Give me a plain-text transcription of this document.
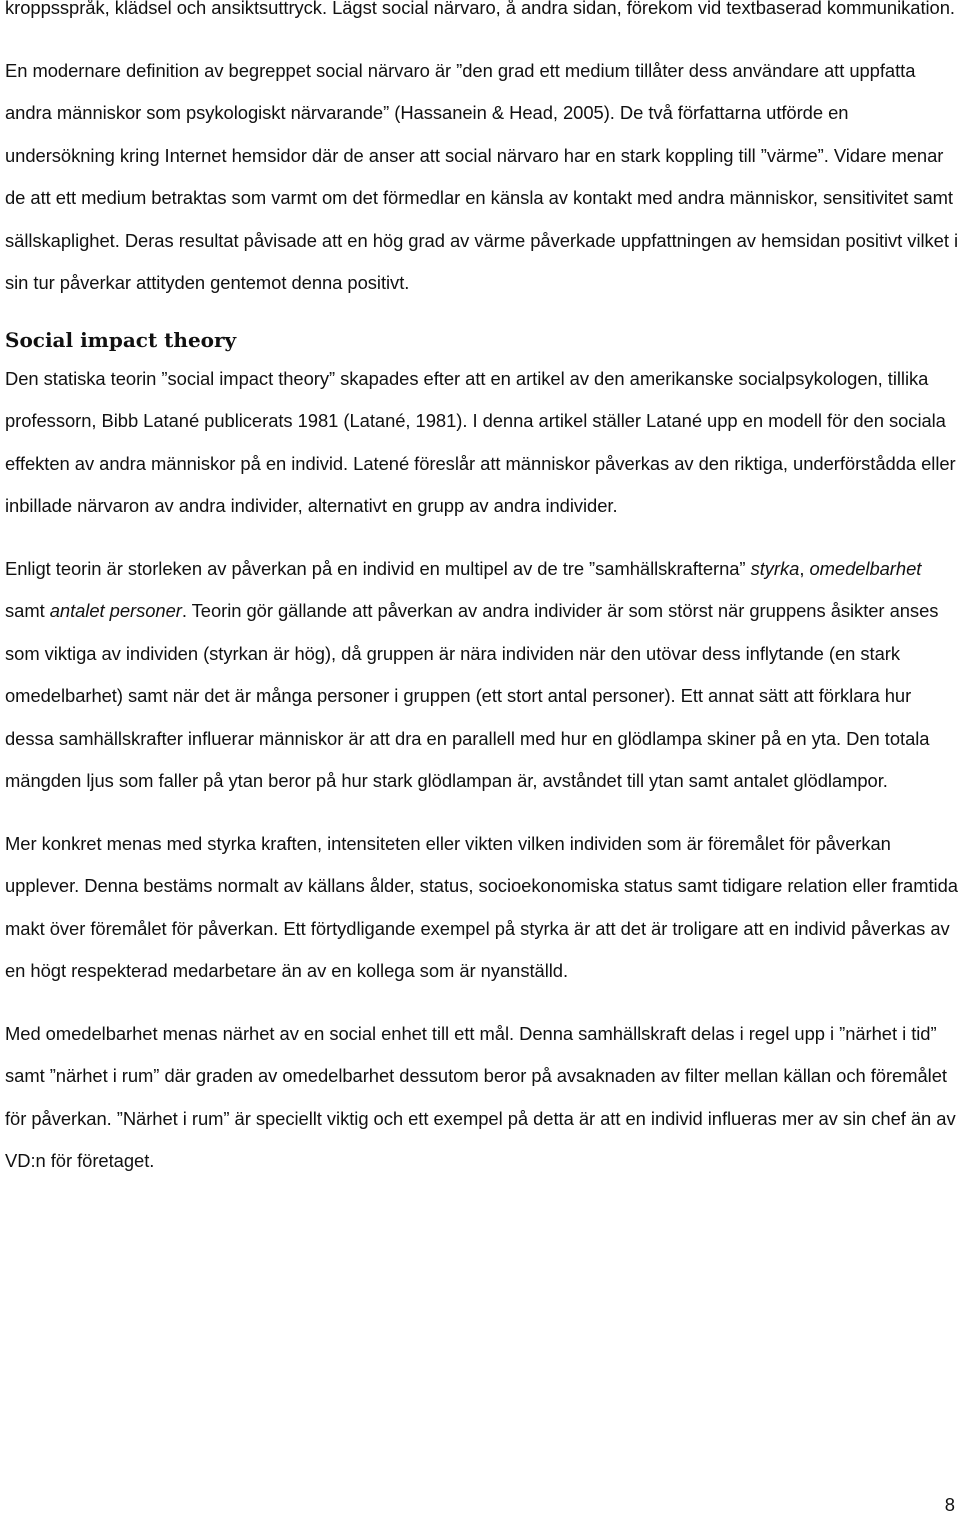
kroppsspråk, klädsel och ansiktsuttryck. Lägst social närvaro, å andra sidan, förekom vid textbaserad kommunikation.

En modernare definition av begreppet social närvaro är ”den grad ett medium tillåter dess användare att uppfatta andra människor som psykologiskt närvarande” (Hassanein & Head, 2005). De två författarna utförde en undersökning kring Internet hemsidor där de anser att social närvaro har en stark koppling till ”värme”. Vidare menar de att ett medium betraktas som varmt om det förmedlar en känsla av kontakt med andra människor, sensitivitet samt sällskaplighet. Deras resultat påvisade att en hög grad av värme påverkade uppfattningen av hemsidan positivt vilket i sin tur påverkar attityden gentemot denna positivt.

Social impact theory

Den statiska teorin ”social impact theory” skapades efter att en artikel av den amerikanske socialpsykologen, tillika professorn, Bibb Latané publicerats 1981 (Latané, 1981). I denna artikel ställer Latané upp en modell för den sociala effekten av andra människor på en individ. Latené föreslår att människor påverkas av den riktiga, underförstådda eller inbillade närvaron av andra individer, alternativt en grupp av andra individer.

Enligt teorin är storleken av påverkan på en individ en multipel av de tre ”samhällskrafterna” styrka, omedelbarhet samt antalet personer. Teorin gör gällande att påverkan av andra individer är som störst när gruppens åsikter anses som viktiga av individen (styrkan är hög), då gruppen är nära individen när den utövar dess inflytande (en stark omedelbarhet) samt när det är många personer i gruppen (ett stort antal personer). Ett annat sätt att förklara hur dessa samhällskrafter influerar människor är att dra en parallell med hur en glödlampa skiner på en yta. Den totala mängden ljus som faller på ytan beror på hur stark glödlampan är, avståndet till ytan samt antalet glödlampor.

Mer konkret menas med styrka kraften, intensiteten eller vikten vilken individen som är föremålet för påverkan upplever. Denna bestäms normalt av källans ålder, status, socioekonomiska status samt tidigare relation eller framtida makt över föremålet för påverkan. Ett förtydligande exempel på styrka är att det är troligare att en individ påverkas av en högt respekterad medarbetare än av en kollega som är nyanställd.

Med omedelbarhet menas närhet av en social enhet till ett mål. Denna samhällskraft delas i regel upp i ”närhet i tid” samt ”närhet i rum” där graden av omedelbarhet dessutom beror på avsaknaden av filter mellan källan och föremålet för påverkan. ”Närhet i rum” är speciellt viktig och ett exempel på detta är att en individ influeras mer av sin chef än av VD:n för företaget.

8
